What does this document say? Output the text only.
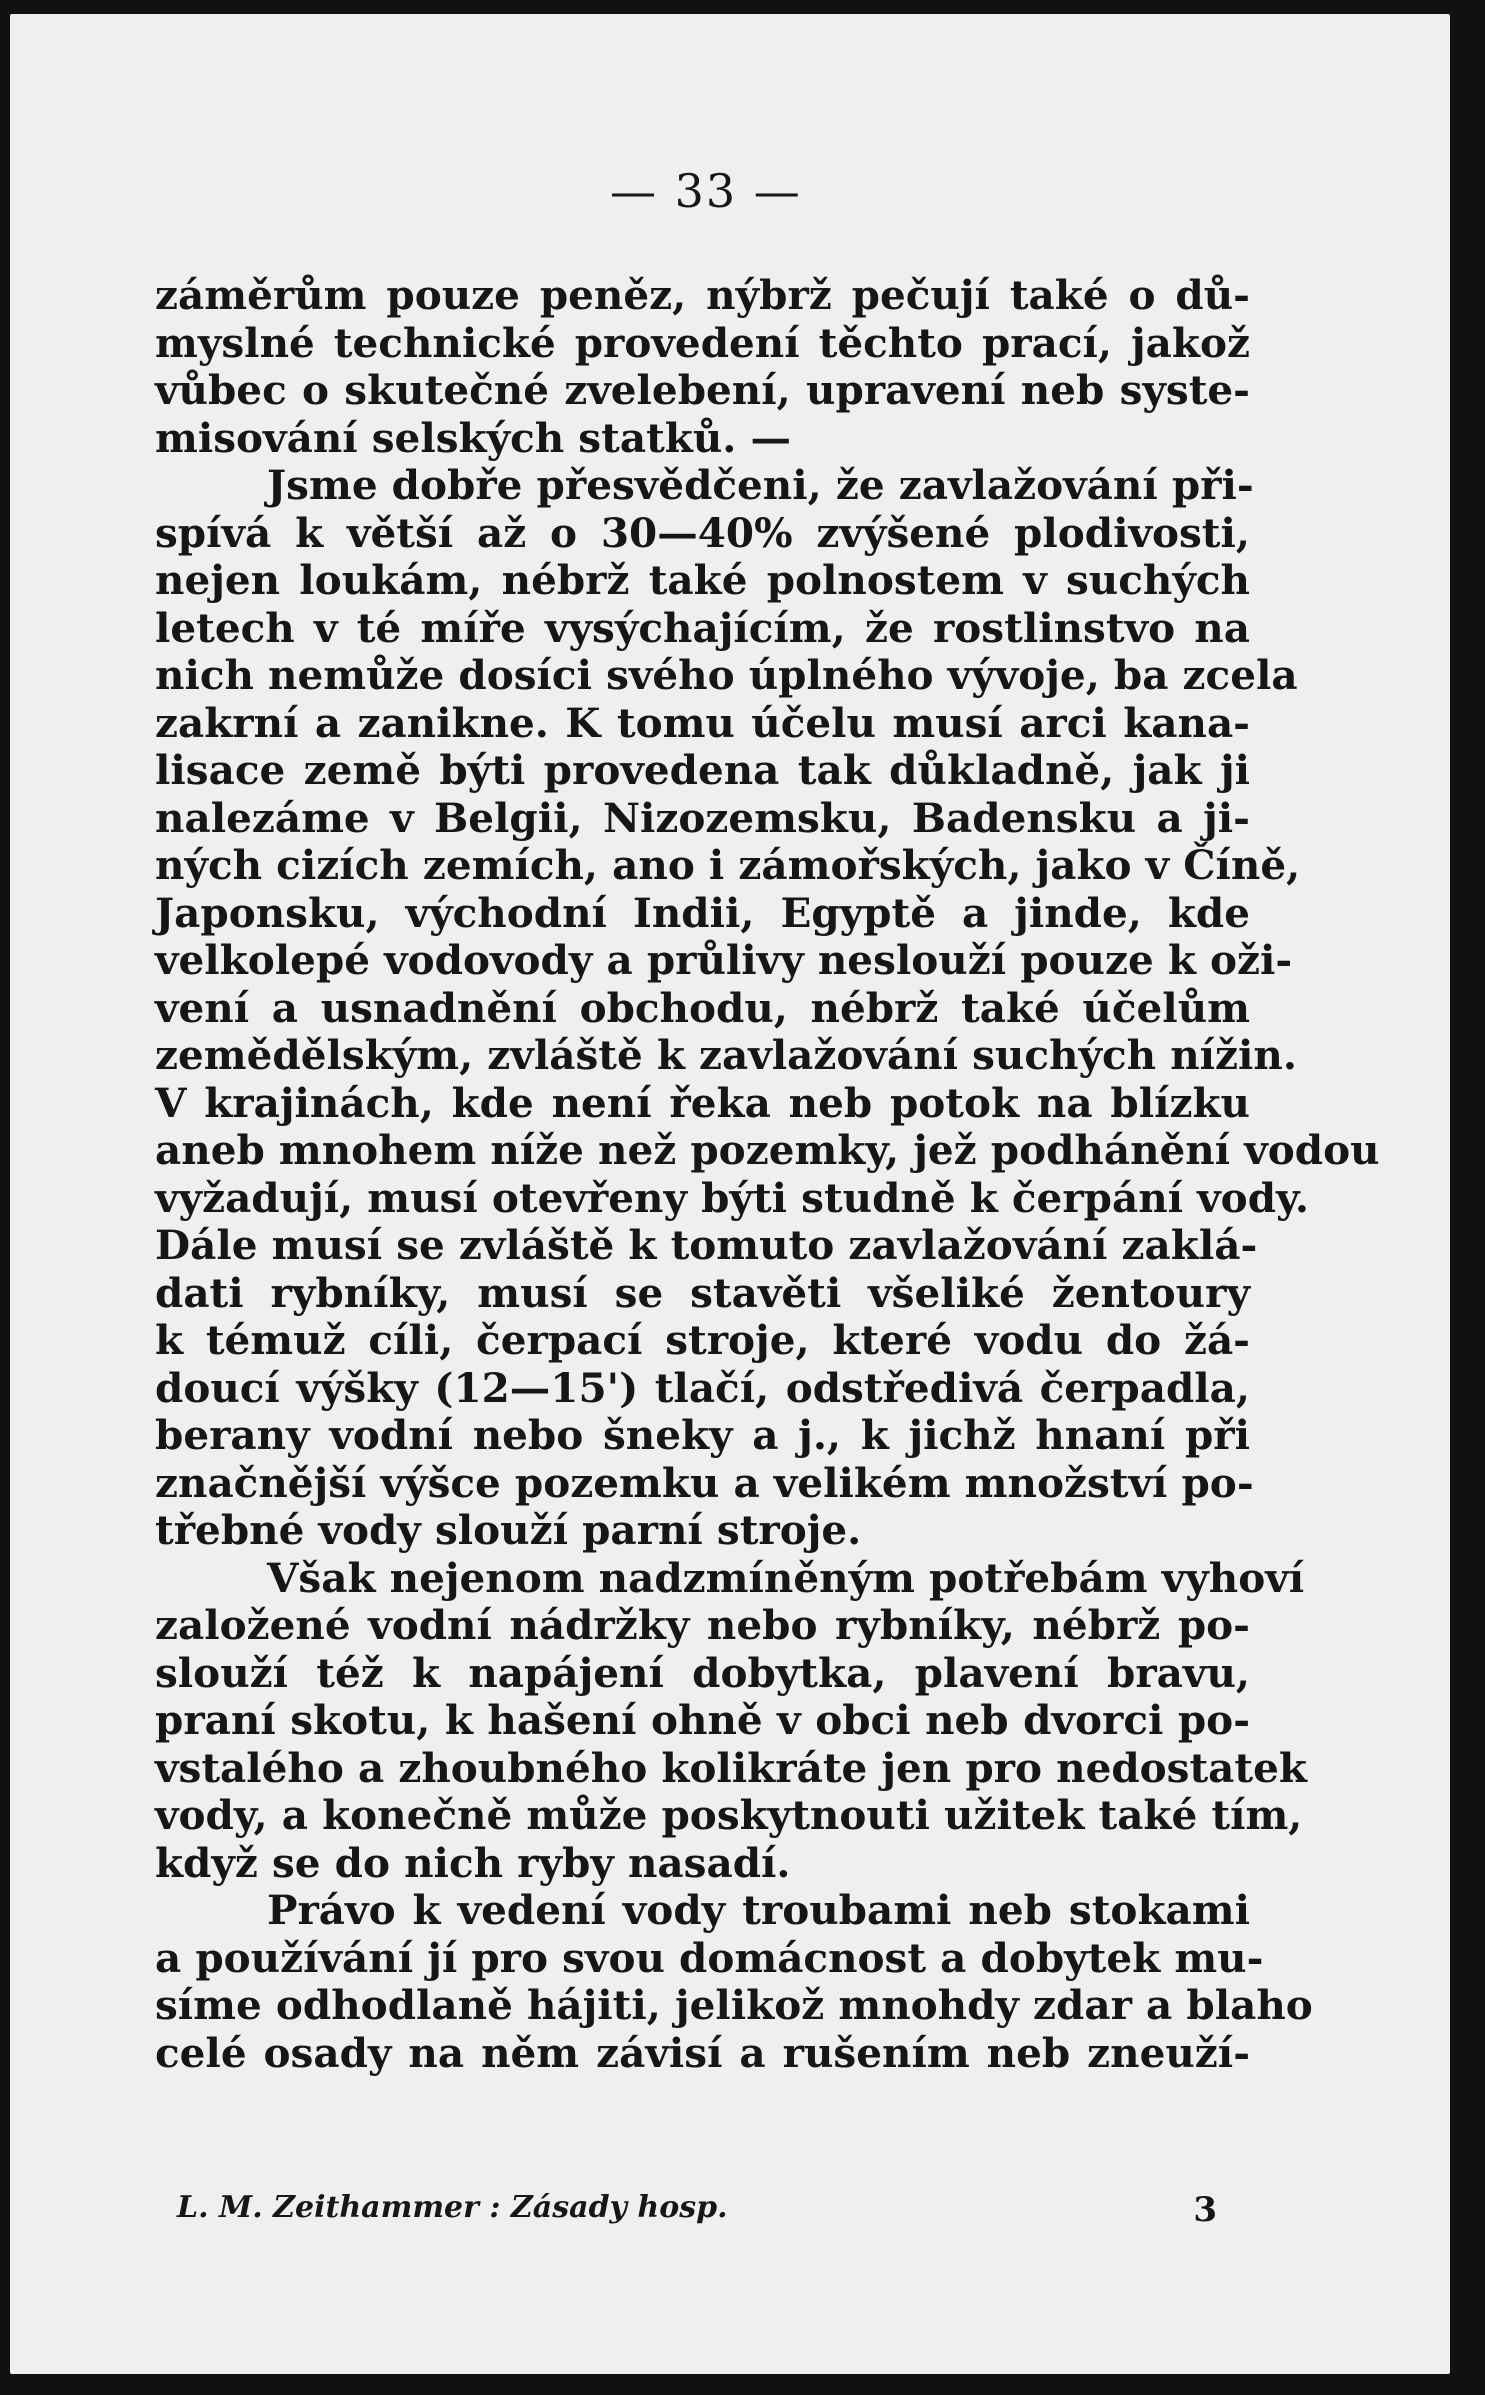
— 33 —
záměrům pouze peněz, nýbrž pečují také o dů-
myslné technické provedení těchto prací, jakož
vůbec o skutečné zvelebení, upravení neb syste-
misování selských statků. —
Jsme dobře přesvědčeni, že zavlažování při-
spívá k větší až o 30—40% zvýšené plodivosti,
nejen loukám, nébrž také polnostem v suchých
letech v té míře vysýchajícím, že rostlinstvo na
nich nemůže dosíci svého úplného vývoje, ba zcela
zakrní a zanikne. K tomu účelu musí arci kana-
lisace země býti provedena tak důkladně, jak ji
nalezáme v Belgii, Nizozemsku, Badensku a ji-
ných cizích zemích, ano i zámořských, jako v Číně,
Japonsku, východní Indii, Egyptě a jinde, kde
velkolepé vodovody a průlivy neslouží pouze k oži-
vení a usnadnění obchodu, nébrž také účelům
zemědělským, zvláště k zavlažování suchých nížin.
V krajinách, kde není řeka neb potok na blízku
aneb mnohem níže než pozemky, jež podhánění vodou
vyžadují, musí otevřeny býti studně k čerpání vody.
Dále musí se zvláště k tomuto zavlažování zaklá-
dati rybníky, musí se stavěti všeliké žentoury
k témuž cíli, čerpací stroje, které vodu do žá-
doucí výšky (12—15') tlačí, odstředivá čerpadla,
berany vodní nebo šneky a j., k jichž hnaní při
značnější výšce pozemku a velikém množství po-
třebné vody slouží parní stroje.
Však nejenom nadzmíněným potřebám vyhoví
založené vodní nádržky nebo rybníky, nébrž po-
slouží též k napájení dobytka, plavení bravu,
praní skotu, k hašení ohně v obci neb dvorci po-
vstalého a zhoubného kolikráte jen pro nedostatek
vody, a konečně může poskytnouti užitek také tím,
když se do nich ryby nasadí.
Právo k vedení vody troubami neb stokami
a používání jí pro svou domácnost a dobytek mu-
síme odhodlaně hájiti, jelikož mnohdy zdar a blaho
celé osady na něm závisí a rušením neb zneuží-
L. M. Zeithammer : Zásady hosp.	3
